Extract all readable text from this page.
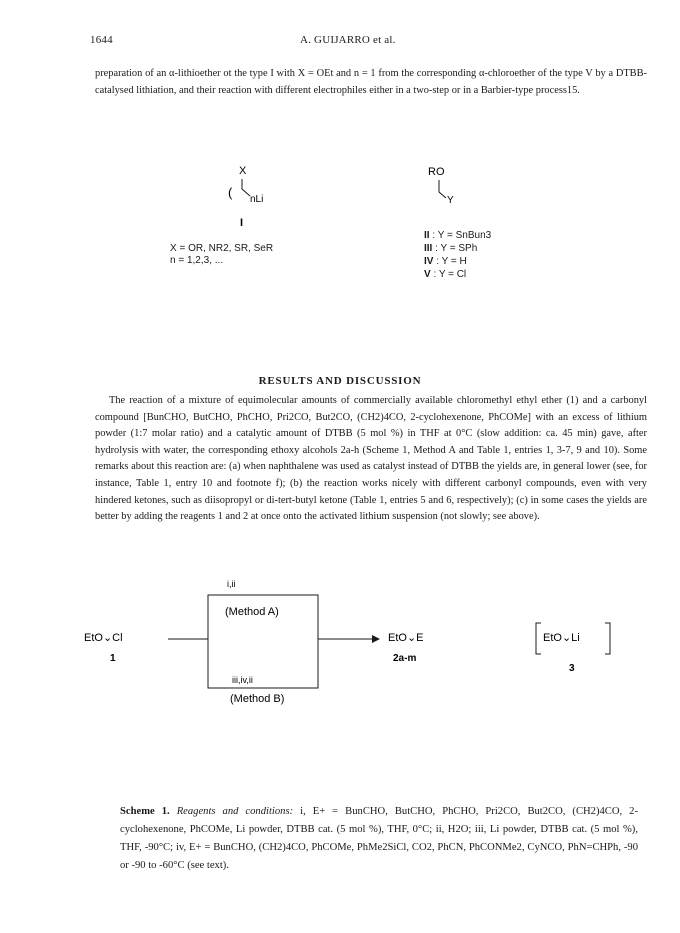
1644	A. GUIJARRO et al.

preparation of an α-lithioether ot the type I with X = OEt and n = 1 from the corresponding α-chloroether of the type V by a DTBB-catalysed lithiation, and their reaction with different electrophiles either in a two-step or in a Barbier-type process15.

X
( nLi
I
X = OR, NR2, SR, SeR
n = 1,2,3, ...
RO
Y
II : Y = SnBun3
III : Y = SPh
IV : Y = H
V : Y = Cl
RESULTS AND DISCUSSION

The reaction of a mixture of equimolecular amounts of commercially available chloromethyl ethyl ether (1) and a carbonyl compound [BunCHO, ButCHO, PhCHO, Pri2CO, But2CO, (CH2)4CO, 2-cyclohexenone, PhCOMe] with an excess of lithium powder (1:7 molar ratio) and a catalytic amount of DTBB (5 mol %) in THF at 0°C (slow addition: ca. 45 min) gave, after hydrolysis with water, the corresponding ethoxy alcohols 2a-h (Scheme 1, Method A and Table 1, entries 1, 3-7, 9 and 10). Some remarks about this reaction are: (a) when naphthalene was used as catalyst instead of DTBB the yields are, in general lower (see, for instance, Table 1, entry 10 and footnote f); (b) the reaction works nicely with different carbonyl compounds, even with very hindered ketones, such as diisopropyl or di-tert-butyl ketone (Table 1, entries 5 and 6, respectively); (c) in some cases the yields are better by adding the reagents 1 and 2 at once onto the activated lithium suspension (not slowly; see above).

i,ii
(Method A)
iii,iv,ii
(Method B)
EtO⌄Cl
1
EtO⌄E
2a-m
EtO⌄Li
3

Scheme 1. Reagents and conditions: i, E+ = BunCHO, ButCHO, PhCHO, Pri2CO, But2CO, (CH2)4CO, 2-cyclohexenone, PhCOMe, Li powder, DTBB cat. (5 mol %), THF, 0°C; ii, H2O; iii, Li powder, DTBB cat. (5 mol %), THF, -90°C; iv, E+ = BunCHO, (CH2)4CO, PhCOMe, PhMe2SiCl, CO2, PhCN, PhCONMe2, CyNCO, PhN=CHPh, -90 or -90 to -60°C (see text).
